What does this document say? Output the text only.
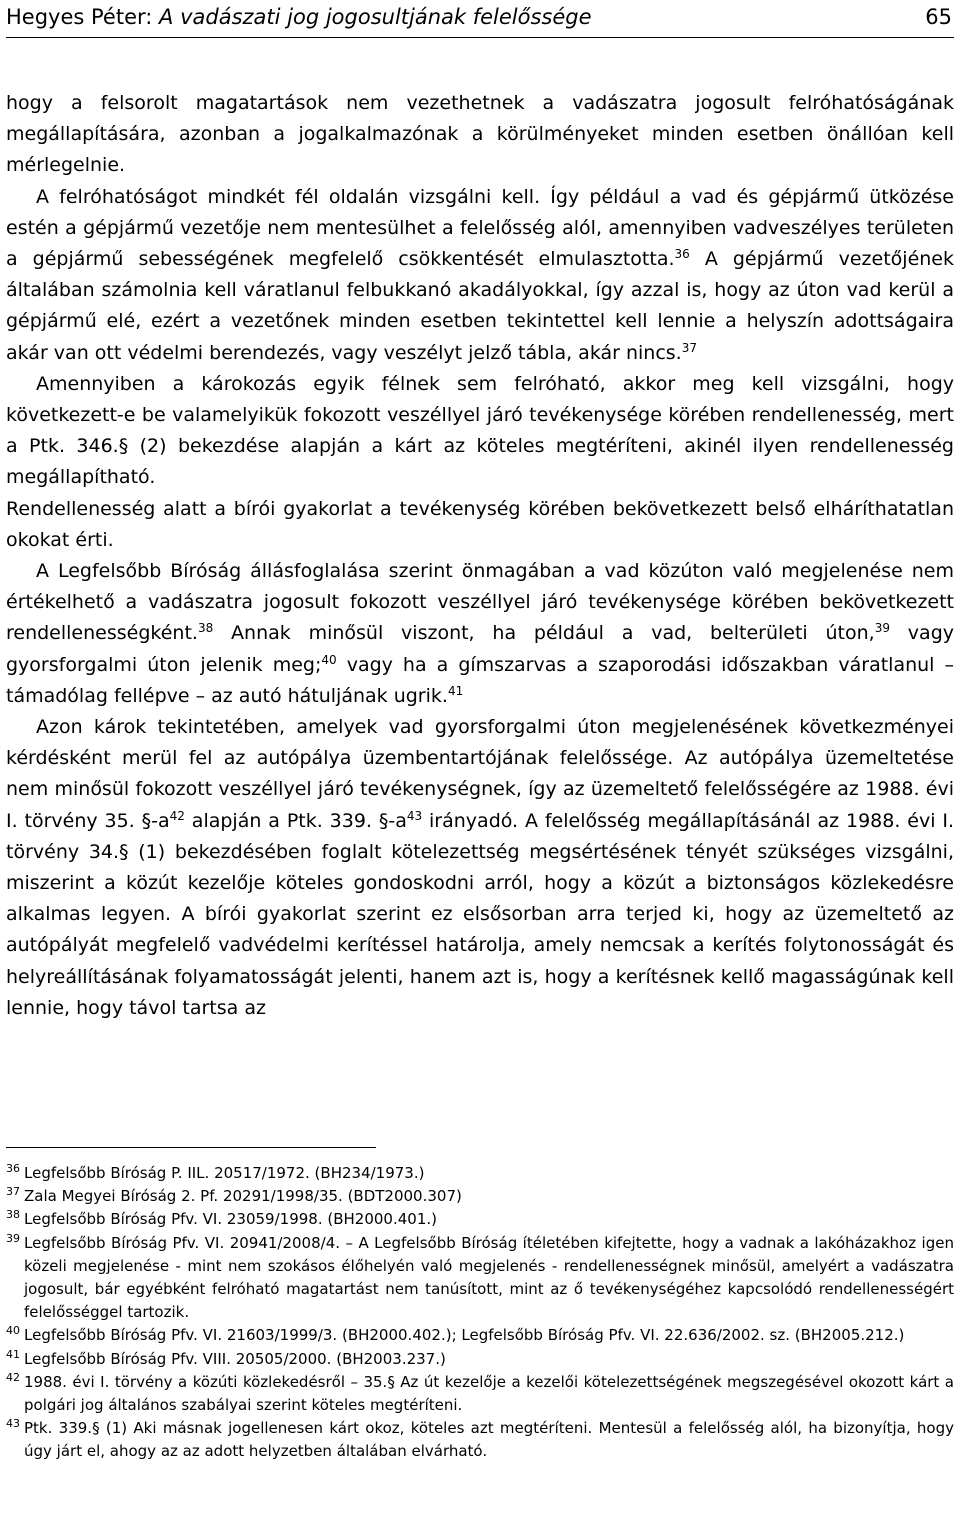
Hegyes Péter: A vadászati jog jogosultjának felelőssége	65

hogy a felsorolt magatartások nem vezethetnek a vadászatra jogosult felróhatóságának megállapítására, azonban a jogalkalmazónak a körülményeket minden esetben önállóan kell mérlegelnie.

A felróhatóságot mindkét fél oldalán vizsgálni kell. Így például a vad és gépjármű ütközése estén a gépjármű vezetője nem mentesülhet a felelősség alól, amennyiben vadveszélyes területen a gépjármű sebességének megfelelő csökkentését elmulasztotta.$^{36}$ A gépjármű vezetőjének általában számolnia kell váratlanul felbukkanó akadályokkal, így azzal is, hogy az úton vad kerül a gépjármű elé, ezért a vezetőnek minden esetben tekintettel kell lennie a helyszín adottságaira akár van ott védelmi berendezés, vagy veszélyt jelző tábla, akár nincs.$^{37}$

Amennyiben a károkozás egyik félnek sem felróható, akkor meg kell vizsgálni, hogy következett-e be valamelyikük fokozott veszéllyel járó tevékenysége körében rendellenesség, mert a Ptk. 346.§ (2) bekezdése alapján a kárt az köteles megtéríteni, akinél ilyen rendellenesség megállapítható.

Rendellenesség alatt a bírói gyakorlat a tevékenység körében bekövetkezett belső elháríthatatlan okokat érti.

A Legfelsőbb Bíróság állásfoglalása szerint önmagában a vad közúton való megjelenése nem értékelhető a vadászatra jogosult fokozott veszéllyel járó tevékenysége körében bekövetkezett rendellenességként.$^{38}$ Annak minősül viszont, ha például a vad, belterületi úton,$^{39}$ vagy gyorsforgalmi úton jelenik meg;$^{40}$ vagy ha a gímszarvas a szaporodási időszakban váratlanul – támadólag fellépve – az autó hátuljának ugrik.$^{41}$

Azon károk tekintetében, amelyek vad gyorsforgalmi úton megjelenésének következményei kérdésként merül fel az autópálya üzembentartójának felelőssége. Az autópálya üzemeltetése nem minősül fokozott veszéllyel járó tevékenységnek, így az üzemeltető felelősségére az 1988. évi I. törvény 35. §-a$^{42}$ alapján a Ptk. 339. §-a$^{43}$ irányadó. A felelősség megállapításánál az 1988. évi I. törvény 34.§ (1) bekezdésében foglalt kötelezettség megsértésének tényét szükséges vizsgálni, miszerint a közút kezelője köteles gondoskodni arról, hogy a közút a biztonságos közlekedésre alkalmas legyen. A bírói gyakorlat szerint ez elsősorban arra terjed ki, hogy az üzemeltető az autópályát megfelelő vadvédelmi kerítéssel határolja, amely nemcsak a kerítés folytonosságát és helyreállításának folyamatosságát jelenti, hanem azt is, hogy a kerítésnek kellő magasságúnak kell lennie, hogy távol tartsa az

36 Legfelsőbb Bíróság P. IIL. 20517/1972. (BH234/1973.)

37 Zala Megyei Bíróság 2. Pf. 20291/1998/35. (BDT2000.307)

38 Legfelsőbb Bíróság Pfv. VI. 23059/1998. (BH2000.401.)

39 Legfelsőbb Bíróság Pfv. VI. 20941/2008/4. – A Legfelsőbb Bíróság ítéletében kifejtette, hogy a vadnak a lakóházakhoz igen közeli megjelenése - mint nem szokásos élőhelyén való megjelenés - rendellenességnek minősül, amelyért a vadászatra jogosult, bár egyébként felróható magatartást nem tanúsított, mint az ő tevékenységéhez kapcsolódó rendellenességért felelősséggel tartozik.

40 Legfelsőbb Bíróság Pfv. VI. 21603/1999/3. (BH2000.402.); Legfelsőbb Bíróság Pfv. VI. 22.636/2002. sz. (BH2005.212.)

41 Legfelsőbb Bíróság Pfv. VIII. 20505/2000. (BH2003.237.)

42 1988. évi I. törvény a közúti közlekedésről – 35.§ Az út kezelője a kezelői kötelezettségének megszegésével okozott kárt a polgári jog általános szabályai szerint köteles megtéríteni.

43 Ptk. 339.§ (1) Aki másnak jogellenesen kárt okoz, köteles azt megtéríteni. Mentesül a felelősség alól, ha bizonyítja, hogy úgy járt el, ahogy az az adott helyzetben általában elvárható.
